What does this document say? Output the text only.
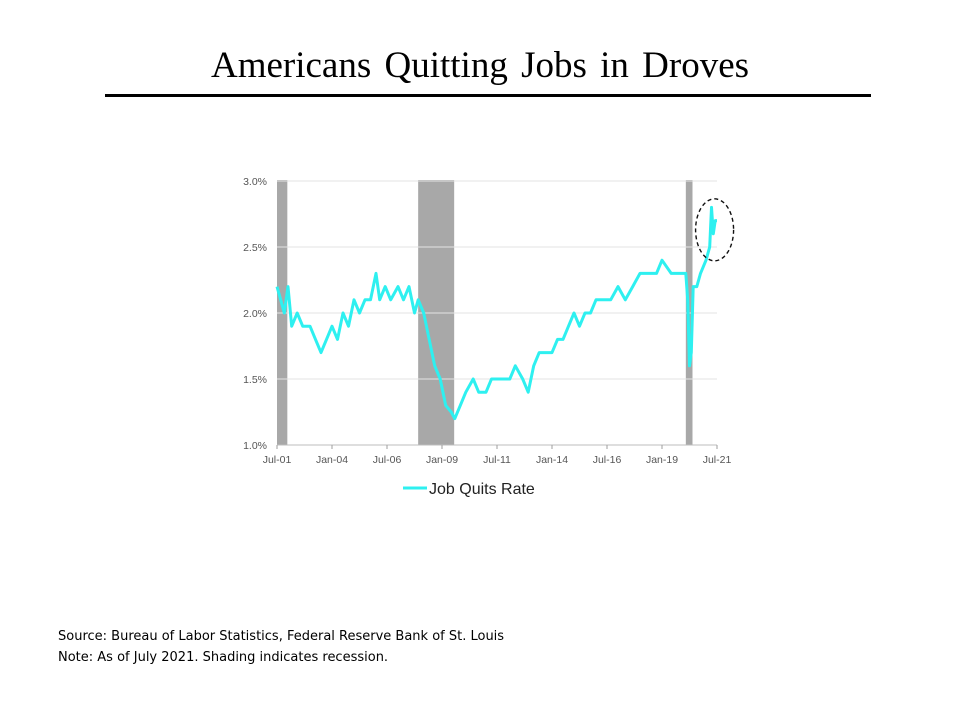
Americans Quitting Jobs in Droves
3.0%
2.5%
2.0%
1.5%
1.0%
Jul-01 Jan-04 Jul-06 Jan-09 Jul-11 Jan-14 Jul-16 Jan-19 Jul-21
Job Quits Rate
Source: Bureau of Labor Statistics, Federal Reserve Bank of St. Louis
Note: As of July 2021. Shading indicates recession.
